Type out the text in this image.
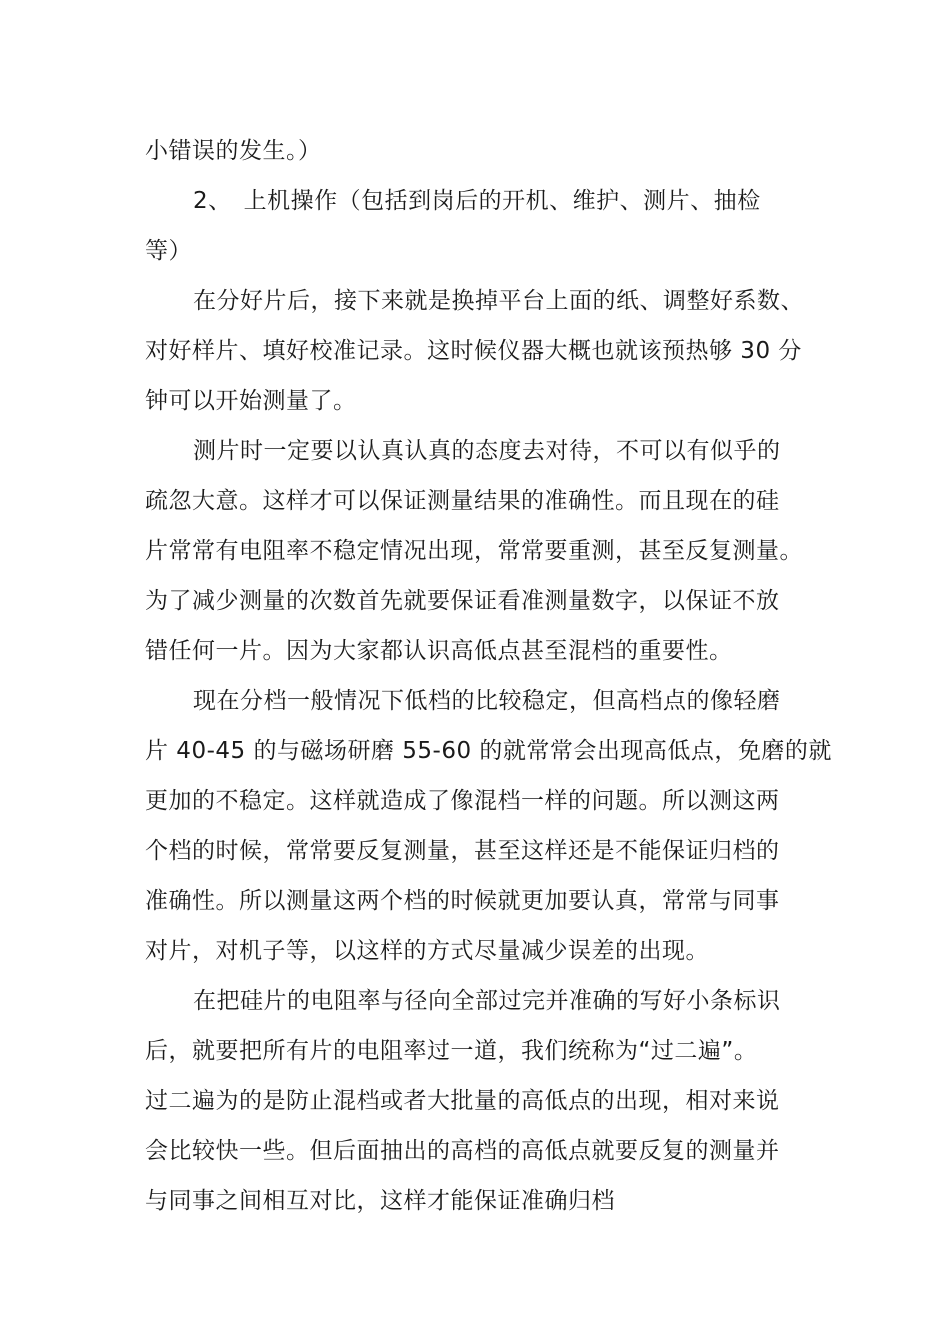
小错误的发生。）
2、　上机操作（包括到岗后的开机、维护、测片、抽检
等）
在分好片后，接下来就是换掉平台上面的纸、调整好系数、
对好样片、填好校准记录。这时候仪器大概也就该预热够 30 分
钟可以开始测量了。
测片时一定要以认真认真的态度去对待，不可以有似乎的
疏忽大意。这样才可以保证测量结果的准确性。而且现在的硅
片常常有电阻率不稳定情况出现，常常要重测，甚至反复测量。
为了减少测量的次数首先就要保证看准测量数字，以保证不放
错任何一片。因为大家都认识高低点甚至混档的重要性。
现在分档一般情况下低档的比较稳定，但高档点的像轻磨
片 40-45 的与磁场研磨 55-60 的就常常会出现高低点，免磨的就
更加的不稳定。这样就造成了像混档一样的问题。所以测这两
个档的时候，常常要反复测量，甚至这样还是不能保证归档的
准确性。所以测量这两个档的时候就更加要认真，常常与同事
对片，对机子等，以这样的方式尽量减少误差的出现。
在把硅片的电阻率与径向全部过完并准确的写好小条标识
后，就要把所有片的电阻率过一道，我们统称为“过二遍”。
过二遍为的是防止混档或者大批量的高低点的出现，相对来说
会比较快一些。但后面抽出的高档的高低点就要反复的测量并
与同事之间相互对比，这样才能保证准确归档
